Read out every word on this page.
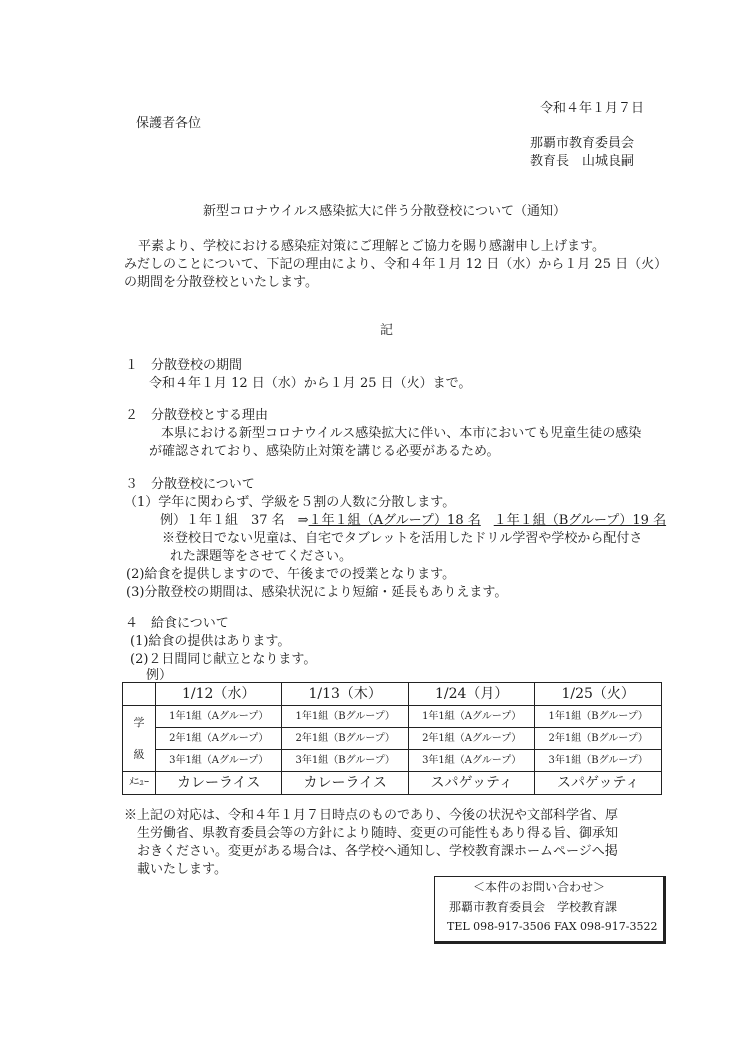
令和４年１月７日
保護者各位
那覇市教育委員会
教育長　山城良嗣
新型コロナウイルス感染拡大に伴う分散登校について（通知）
平素より、学校における感染症対策にご理解とご協力を賜り感謝申し上げます。
みだしのことについて、下記の理由により、令和４年１月 12 日（水）から１月 25 日（火）
の期間を分散登校といたします。
記
１　分散登校の期間
令和４年１月 12 日（水）から１月 25 日（火）まで。
２　分散登校とする理由
本県における新型コロナウイルス感染拡大に伴い、本市においても児童生徒の感染
が確認されており、感染防止対策を講じる必要があるため。
３　分散登校について
（1）学年に関わらず、学級を５割の人数に分散します。
例）１年１組　37 名　⇒１年１組（Aグループ）18 名　 １年１組（Bグループ）19 名
※登校日でない児童は、自宅でタブレットを活用したドリル学習や学校から配付さ
れた課題等をさせてください。
(2)給食を提供しますので、午後までの授業となります。
(3)分散登校の期間は、感染状況により短縮・延長もありえます。
４　給食について
(1)給食の提供はあります。
(2)２日間同じ献立となります。
例）
	1/12（水）	1/13（木）	1/24（月）	1/25（火）

学
級	1年1組（Aグループ）	1年1組（Bグループ）	1年1組（Aグループ）	1年1組（Bグループ）
	2年1組（Aグループ）	2年1組（Bグループ）	2年1組（Aグループ）	2年1組（Bグループ）
	3年1組（Aグループ）	3年1組（Bグループ）	3年1組（Aグループ）	3年1組（Bグループ）
ﾒﾆｭｰ	カレーライス	カレーライス	スパゲッティ	スパゲッティ
※上記の対応は、令和４年１月７日時点のものであり、今後の状況や文部科学省、厚
生労働省、県教育委員会等の方針により随時、変更の可能性もあり得る旨、御承知
おきください。変更がある場合は、各学校へ通知し、学校教育課ホームページへ掲
載いたします。
＜本件のお問い合わせ＞
那覇市教育委員会　学校教育課
TEL 098-917-3506 FAX 098-917-3522
